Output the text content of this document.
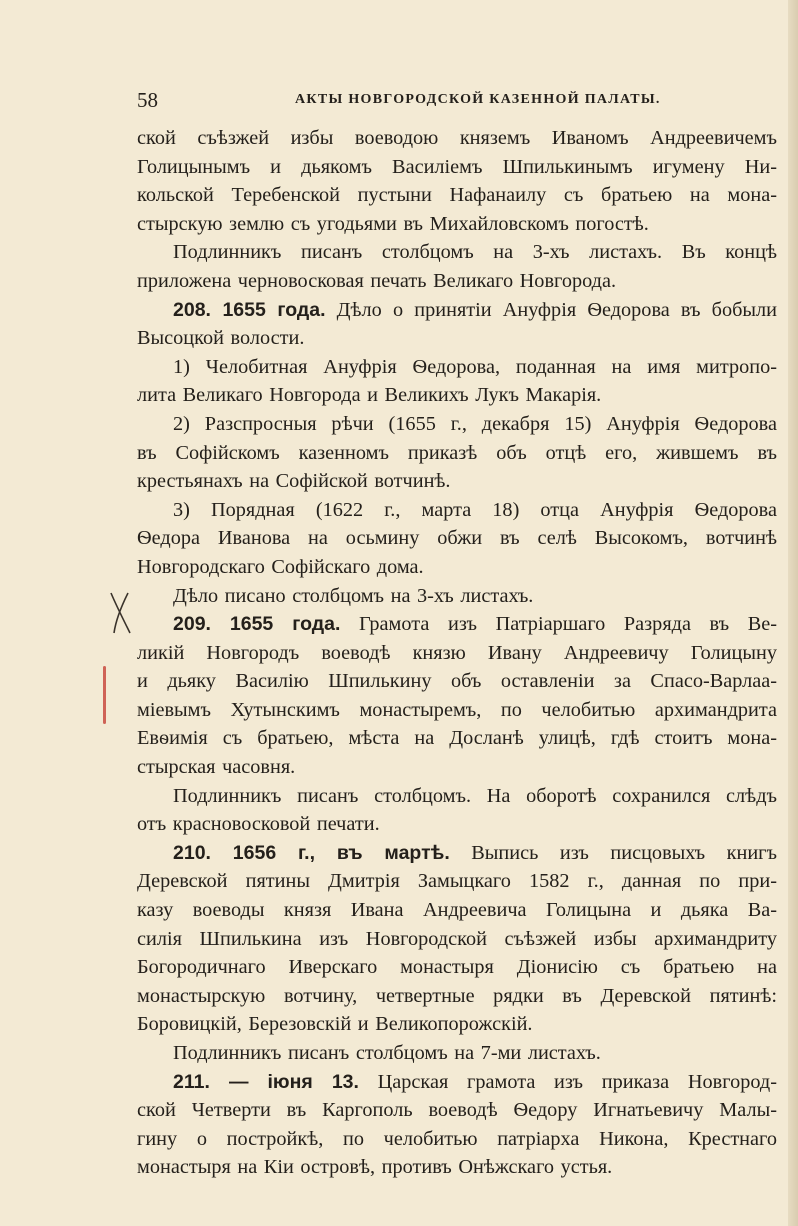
58	АКТЫ НОВГОРОДСКОЙ КАЗЕННОЙ ПАЛАТЫ.

ской съѣзжей избы воеводою княземъ Иваномъ Андреевичемъ

Голицынымъ и дьякомъ Василіемъ Шпилькинымъ игумену Ни-

кольской Теребенской пустыни Нафанаилу съ братьею на мона-

стырскую землю съ угодьями въ Михайловскомъ погостѣ.

Подлинникъ писанъ столбцомъ на 3-хъ листахъ. Въ концѣ

приложена черновосковая печать Великаго Новгорода.

208. 1655 года. Дѣло о принятіи Ануфрія Ѳедорова въ бобыли

Высоцкой волости.

1) Челобитная Ануфрія Ѳедорова, поданная на имя митропо-

лита Великаго Новгорода и Великихъ Лукъ Макарія.

2) Разспросныя рѣчи (1655 г., декабря 15) Ануфрія Ѳедорова

въ Софійскомъ казенномъ приказѣ объ отцѣ его, жившемъ въ

крестьянахъ на Софійской вотчинѣ.

3) Порядная (1622 г., марта 18) отца Ануфрія Ѳедорова

Ѳедора Иванова на осьмину обжи въ селѣ Высокомъ, вотчинѣ

Новгородскаго Софійскаго дома.

Дѣло писано столбцомъ на 3-хъ листахъ.

209. 1655 года. Грамота изъ Патріаршаго Разряда въ Ве-

ликій Новгородъ воеводѣ князю Ивану Андреевичу Голицыну

и дьяку Василію Шпилькину объ оставленіи за Спасо-Варлаа-

міевымъ Хутынскимъ монастыремъ, по челобитью архимандрита

Евѳимія съ братьею, мѣста на Досланѣ улицѣ, гдѣ стоитъ мона-

стырская часовня.

Подлинникъ писанъ столбцомъ. На оборотѣ сохранился слѣдъ

отъ красновосковой печати.

210. 1656 г., въ мартѣ. Выпись изъ писцовыхъ книгъ

Деревской пятины Дмитрія Замыцкаго 1582 г., данная по при-

казу воеводы князя Ивана Андреевича Голицына и дьяка Ва-

силія Шпилькина изъ Новгородской съѣзжей избы архимандриту

Богородичнаго Иверскаго монастыря Діонисію съ братьею на

монастырскую вотчину, четвертные рядки въ Деревской пятинѣ:

Боровицкій, Березовскій и Великопорожскій.

Подлинникъ писанъ столбцомъ на 7-ми листахъ.

211. — іюня 13. Царская грамота изъ приказа Новгород-

ской Четверти въ Каргополь воеводѣ Ѳедору Игнатьевичу Малы-

гину о постройкѣ, по челобитью патріарха Никона, Крестнаго

монастыря на Кіи островѣ, противъ Онѣжскаго устья.
